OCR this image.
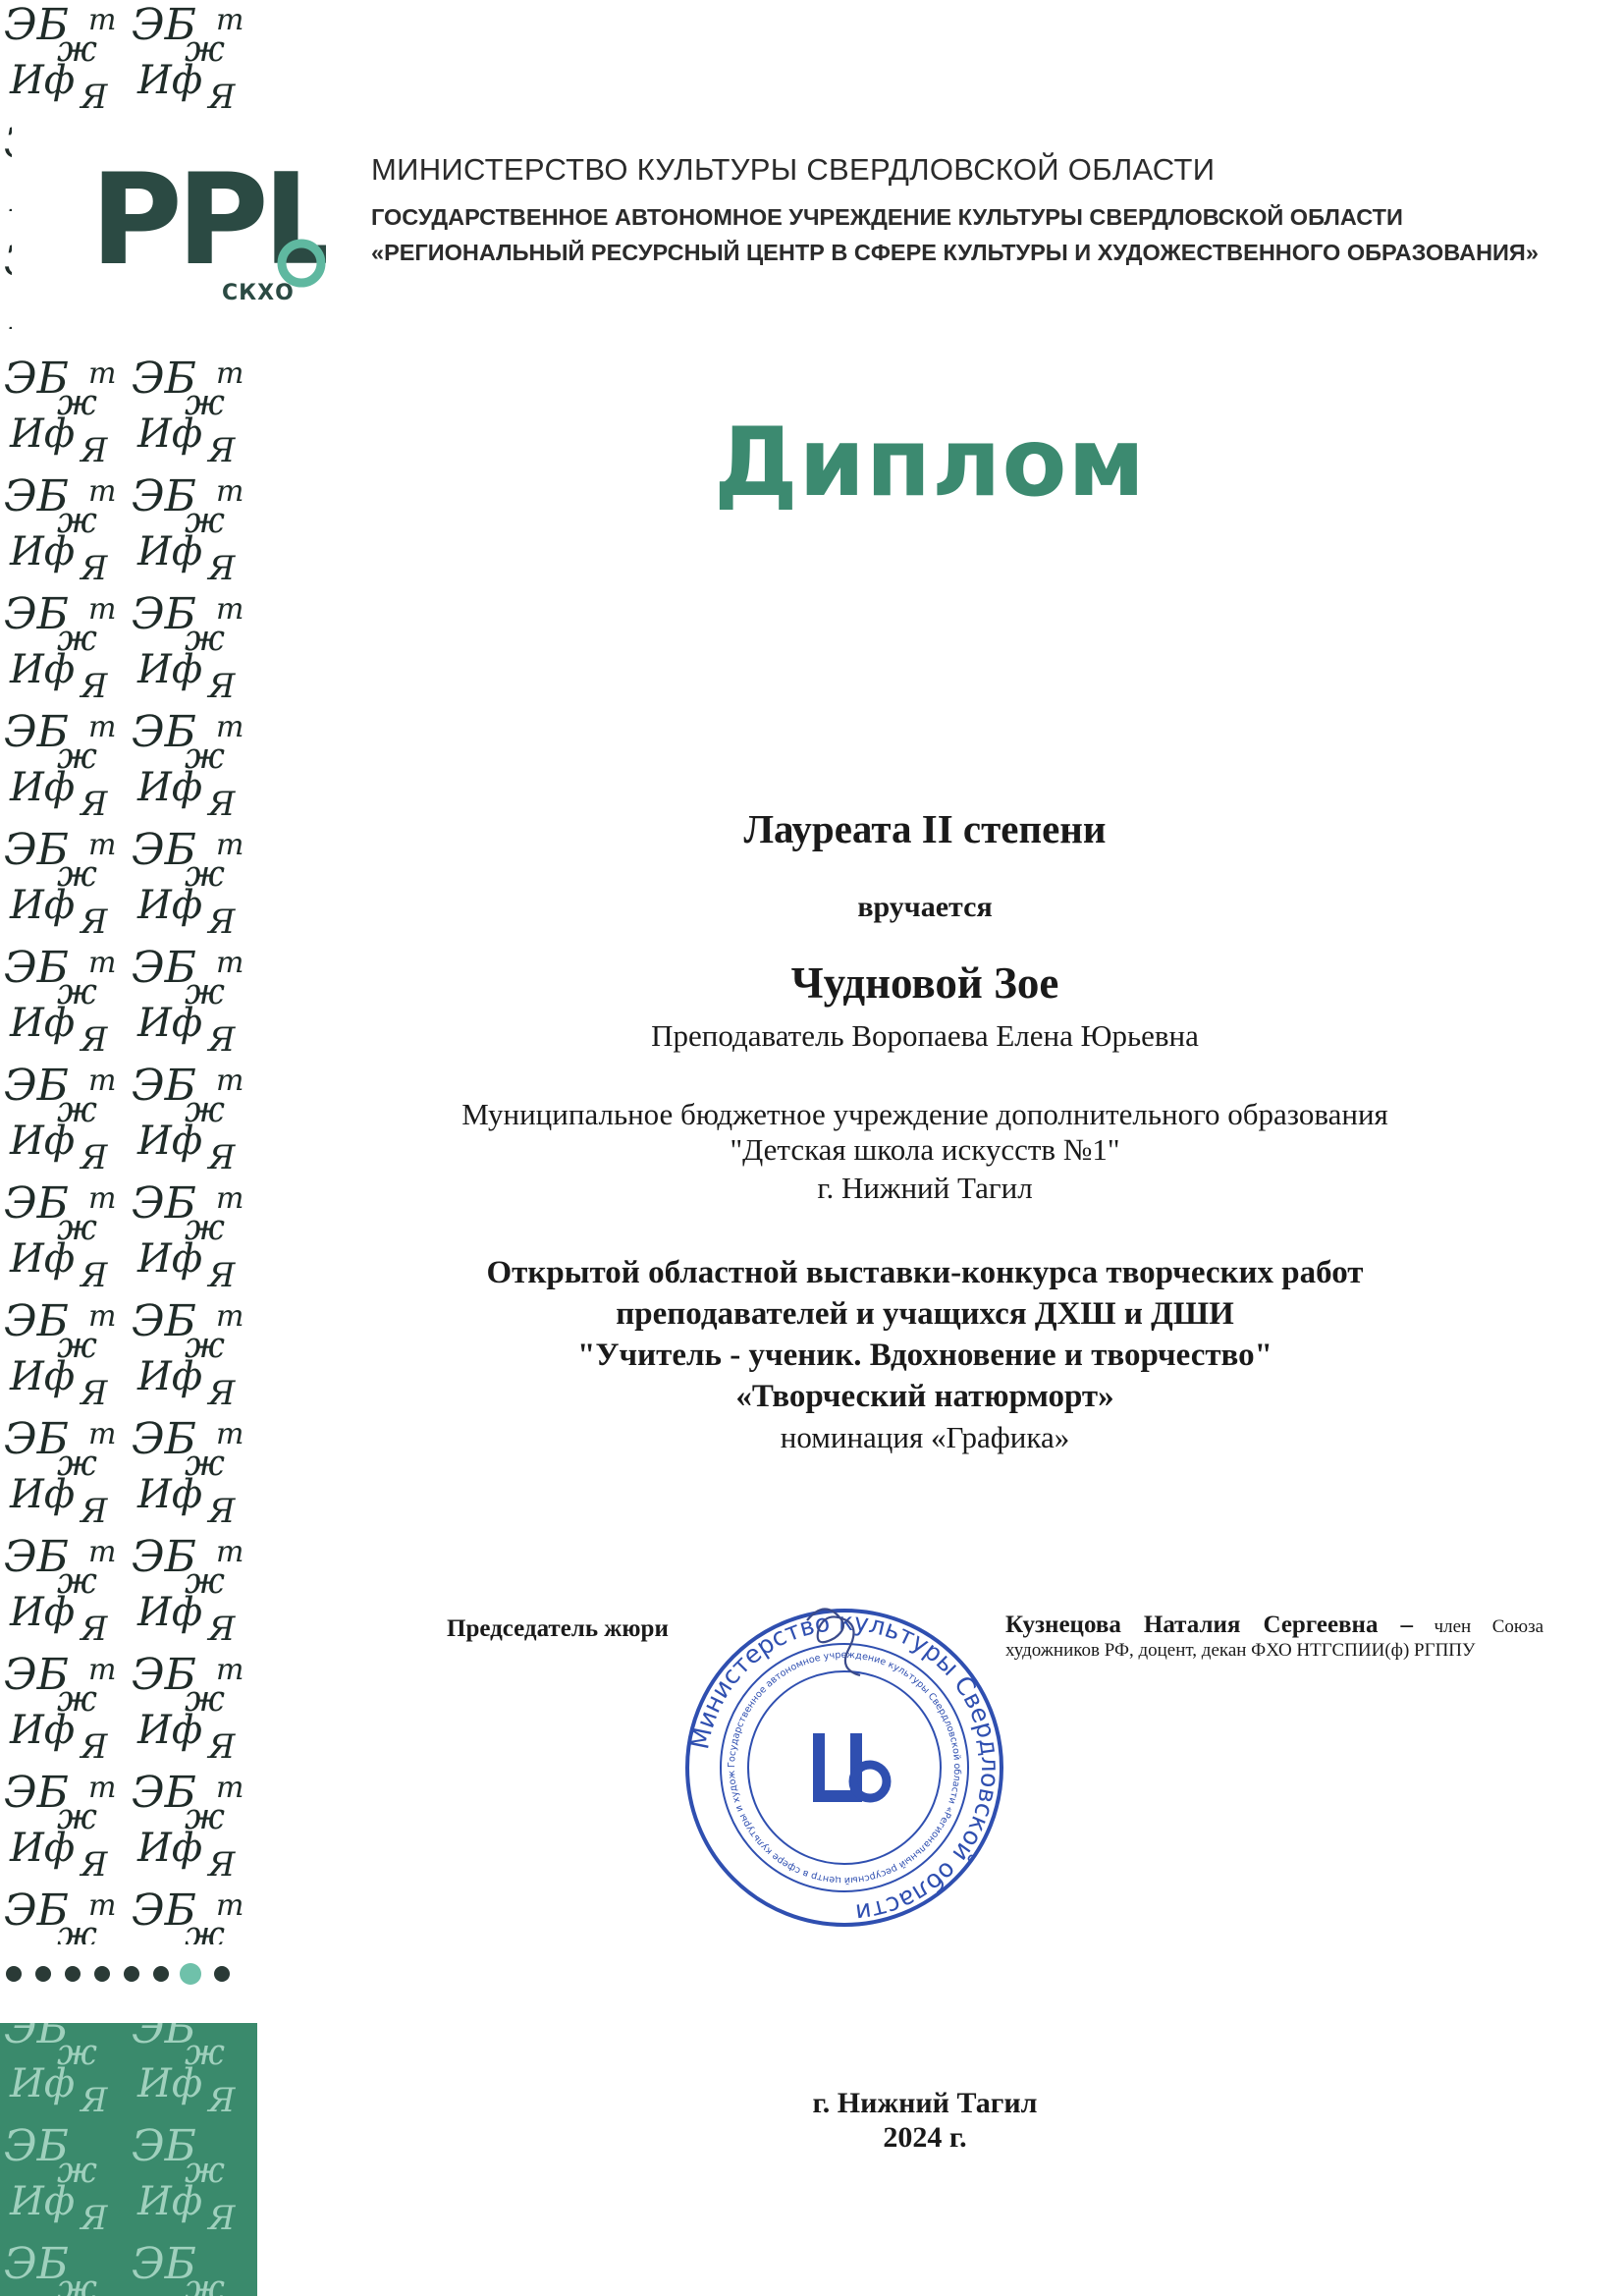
РРЦ
СКХО
МИНИСТЕРСТВО КУЛЬТУРЫ СВЕРДЛОВСКОЙ ОБЛАСТИ
ГОСУДАРСТВЕННОЕ АВТОНОМНОЕ УЧРЕЖДЕНИЕ КУЛЬТУРЫ СВЕРДЛОВСКОЙ ОБЛАСТИ
«РЕГИОНАЛЬНЫЙ РЕСУРСНЫЙ ЦЕНТР В СФЕРЕ КУЛЬТУРЫ И ХУДОЖЕСТВЕННОГО ОБРАЗОВАНИЯ»
Диплом
Лауреата II степени
вручается
Чудновой Зое
Преподаватель Воропаева Елена Юрьевна
Муниципальное бюджетное учреждение дополнительного образования
"Детская школа искусств №1"
г. Нижний Тагил
Открытой областной выставки-конкурса творческих работ
преподавателей и учащихся ДХШ и ДШИ
"Учитель - ученик. Вдохновение и творчество"
«Творческий натюрморт»
номинация «Графика»
г. Нижний Тагил
2024 г.
Председатель жюри	Кузнецова Наталия Сергеевна – член Союза художников РФ, доцент, декан ФХО НТГСПИИ(ф) РГППУ
Министерство культуры Свердловской области
Государственное автономное учреждение культуры Свердловской области «Региональный ресурсный центр в сфере культуры и худож
